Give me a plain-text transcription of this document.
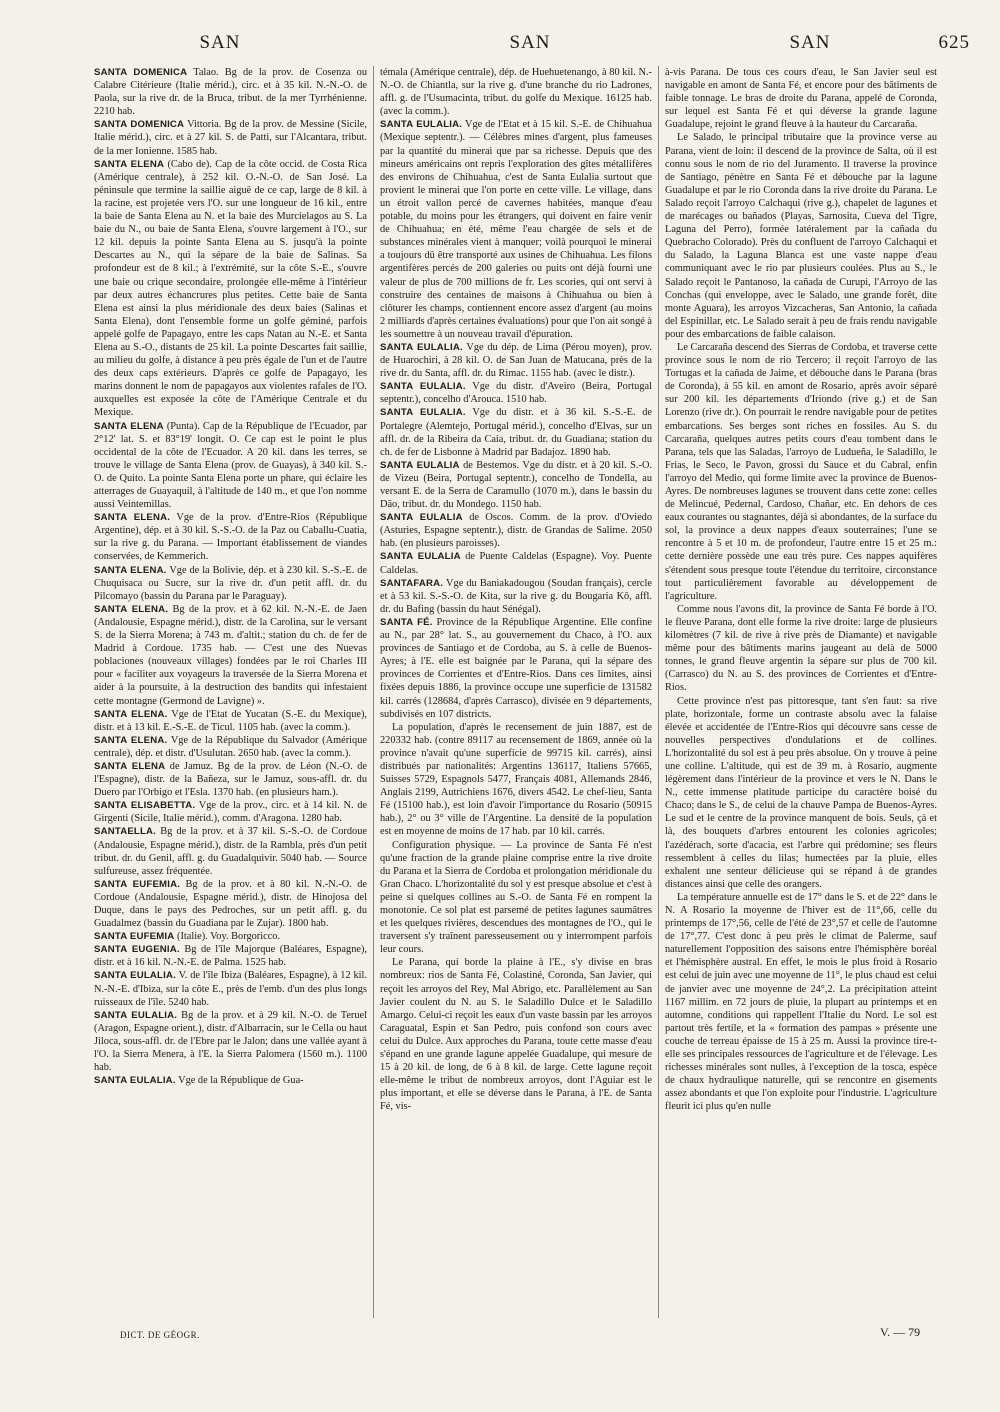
SAN	SAN	SAN	625

SANTA DOMENICA Talao. Bg de la prov. de Cosenza ou Calabre Citérieure (Italie mérid.), circ. et à 35 kil. N.-N.-O. de Paola, sur la rive dr. de la Bruca, tribut. de la mer Tyrrhénienne. 2210 hab.

SANTA DOMENICA Vittoria. Bg de la prov. de Messine (Sicile, Italie mérid.), circ. et à 27 kil. S. de Patti, sur l'Alcantara, tribut. de la mer Ionienne. 1585 hab.

SANTA ELENA (Cabo de). Cap de la côte occid. de Costa Rica (Amérique centrale), à 252 kil. O.-N.-O. de San José. La péninsule que termine la saillie aiguë de ce cap, large de 8 kil. à la racine, est projetée vers l'O. sur une longueur de 16 kil., entre la baie de Santa Elena au N. et la baie des Murcielagos au S. La baie du N., ou baie de Santa Elena, s'ouvre largement à l'O., sur 12 kil. depuis la pointe Santa Elena au S. jusqu'à la pointe Descartes au N., qui la sépare de la baie de Salinas. Sa profondeur est de 8 kil.; à l'extrémité, sur la côte S.-E., s'ouvre une baie ou crique secondaire, prolongée elle-même à l'intérieur par deux autres échancrures plus petites. Cette baie de Santa Elena est ainsi la plus méridionale des deux baies (Salinas et Santa Elena), dont l'ensemble forme un golfe géminé, parfois appelé golfe de Papagayo, entre les caps Natan au N.-E. et Santa Elena au S.-O., distants de 25 kil. La pointe Descartes fait saillie, au milieu du golfe, à distance à peu près égale de l'un et de l'autre des deux caps extérieurs. D'après ce golfe de Papagayo, les marins donnent le nom de papagayos aux violentes rafales de l'O. auxquelles est exposée la côte de l'Amérique Centrale et du Mexique.

SANTA ELENA (Punta). Cap de la République de l'Ecuador, par 2°12' lat. S. et 83°19' longit. O. Ce cap est le point le plus occidental de la côte de l'Ecuador. A 20 kil. dans les terres, se trouve le village de Santa Elena (prov. de Guayas), à 340 kil. S.-O. de Quito. La pointe Santa Elena porte un phare, qui éclaire les atterrages de Guayaquil, à l'altitude de 140 m., et que l'on nomme aussi Veintemillas.

SANTA ELENA. Vge de la prov. d'Entre-Rios (République Argentine), dép. et à 30 kil. S.-S.-O. de la Paz ou Caballu-Cuatia, sur la rive g. du Parana. — Important établissement de viandes conservées, de Kemmerich.

SANTA ELENA. Vge de la Bolivie, dép. et à 230 kil. S.-S.-E. de Chuquisaca ou Sucre, sur la rive dr. d'un petit affl. dr. du Pilcomayo (bassin du Parana par le Paraguay).

SANTA ELENA. Bg de la prov. et à 62 kil. N.-N.-E. de Jaen (Andalousie, Espagne mérid.), distr. de la Carolina, sur le versant S. de la Sierra Morena; à 743 m. d'altit.; station du ch. de fer de Madrid à Cordoue. 1735 hab. — C'est une des Nuevas poblaciones (nouveaux villages) fondées par le roi Charles III pour « faciliter aux voyageurs la traversée de la Sierra Morena et aider à la poursuite, à la destruction des bandits qui infestaient cette montagne (Germond de Lavigne) ».

SANTA ELENA. Vge de l'Etat de Yucatan (S.-E. du Mexique), distr. et à 13 kil. E.-S.-E. de Ticul. 1105 hab. (avec la comm.).

SANTA ELENA. Vge de la République du Salvador (Amérique centrale), dép. et distr. d'Usulutan. 2650 hab. (avec la comm.).

SANTA ELENA de Jamuz. Bg de la prov. de Léon (N.-O. de l'Espagne), distr. de la Bañeza, sur le Jamuz, sous-affl. dr. du Duero par l'Orbigo et l'Esla. 1370 hab. (en plusieurs ham.).

SANTA ELISABETTA. Vge de la prov., circ. et à 14 kil. N. de Girgenti (Sicile, Italie mérid.), comm. d'Aragona. 1280 hab.

SANTAELLA. Bg de la prov. et à 37 kil. S.-S.-O. de Cordoue (Andalousie, Espagne mérid.), distr. de la Rambla, près d'un petit tribut. dr. du Genil, affl. g. du Guadalquivir. 5040 hab. — Source sulfureuse, assez fréquentée.

SANTA EUFEMIA. Bg de la prov. et à 80 kil. N.-N.-O. de Cordoue (Andalousie, Espagne mérid.), distr. de Hinojosa del Duque, dans le pays des Pedroches, sur un petit affl. g. du Guadalmez (bassin du Guadiana par le Zujar). 1800 hab.

SANTA EUFEMIA (Italie). Voy. Borgoricco.

SANTA EUGENIA. Bg de l'île Majorque (Baléares, Espagne), distr. et à 16 kil. N.-N.-E. de Palma. 1525 hab.

SANTA EULALIA. V. de l'île Ibiza (Baléares, Espagne), à 12 kil. N.-N.-E. d'Ibiza, sur la côte E., près de l'emb. d'un des plus longs ruisseaux de l'île. 5240 hab.

SANTA EULALIA. Bg de la prov. et à 29 kil. N.-O. de Teruel (Aragon, Espagne orient.), distr. d'Albarracin, sur le Cella ou haut Jiloca, sous-affl. dr. de l'Ebre par le Jalon; dans une vallée ayant à l'O. la Sierra Menera, à l'E. la Sierra Palomera (1560 m.). 1100 hab.

SANTA EULALIA. Vge de la République de Gua-

témala (Amérique centrale), dép. de Huehuetenango, à 80 kil. N.-N.-O. de Chiantla, sur la rive g. d'une branche du rio Ladrones, affl. g. de l'Usumacinta, tribut. du golfe du Mexique. 16125 hab. (avec la comm.).

SANTA EULALIA. Vge de l'Etat et à 15 kil. S.-E. de Chihuahua (Mexique septentr.). — Célèbres mines d'argent, plus fameuses par la quantité du minerai que par sa richesse. Depuis que des mineurs américains ont repris l'exploration des gîtes métallifères des environs de Chihuahua, c'est de Santa Eulalia surtout que provient le minerai que l'on porte en cette ville. Le village, dans un étroit vallon percé de cavernes habitées, manque d'eau potable, du moins pour les étrangers, qui doivent en faire venir de Chihuahua; en été, même l'eau chargée de sels et de substances minérales vient à manquer; voilà pourquoi le minerai a toujours dû être transporté aux usines de Chihuahua. Les filons argentifères percés de 200 galeries ou puits ont déjà fourni une valeur de plus de 700 millions de fr. Les scories, qui ont servi à construire des centaines de maisons à Chihuahua ou bien à clôturer les champs, contiennent encore assez d'argent (au moins 2 milliards d'après certaines évaluations) pour que l'on ait songé à les soumettre à un nouveau travail d'épuration.

SANTA EULALIA. Vge du dép. de Lima (Pérou moyen), prov. de Huarochiri, à 28 kil. O. de San Juan de Matucana, près de la rive dr. du Santa, affl. dr. du Rimac. 1155 hab. (avec le distr.).

SANTA EULALIA. Vge du distr. d'Aveiro (Beira, Portugal septentr.), concelho d'Arouca. 1510 hab.

SANTA EULALIA. Vge du distr. et à 36 kil. S.-S.-E. de Portalegre (Alemtejo, Portugal mérid.), concelho d'Elvas, sur un affl. dr. de la Ribeira da Caia, tribut. dr. du Guadiana; station du ch. de fer de Lisbonne à Madrid par Badajoz. 1890 hab.

SANTA EULALIA de Bestemos. Vge du distr. et à 20 kil. S.-O. de Vizeu (Beira, Portugal septentr.), concelho de Tondella, au versant E. de la Serra de Caramullo (1070 m.), dans le bassin du Dão, tribut. dr. du Mondego. 1150 hab.

SANTA EULALIA de Oscos. Comm. de la prov. d'Oviedo (Asturies, Espagne septentr.), distr. de Grandas de Salime. 2050 hab. (en plusieurs paroisses).

SANTA EULALIA de Puente Caldelas (Espagne). Voy. Puente Caldelas.

SANTAFARA. Vge du Baniakadougou (Soudan français), cercle et à 53 kil. S.-S.-O. de Kita, sur la rive g. du Bougaria Kô, affl. dr. du Bafing (bassin du haut Sénégal).

SANTA FÉ. Province de la République Argentine. Elle confine au N., par 28° lat. S., au gouvernement du Chaco, à l'O. aux provinces de Santiago et de Cordoba, au S. à celle de Buenos-Ayres; à l'E. elle est baignée par le Parana, qui la sépare des provinces de Corrientes et d'Entre-Rios. Dans ces limites, ainsi fixées depuis 1886, la province occupe une superficie de 131582 kil. carrés (128684, d'après Carrasco), divisée en 9 départements, subdivisés en 107 districts.

La population, d'après le recensement de juin 1887, est de 220332 hab. (contre 89117 au recensement de 1869, année où la province n'avait qu'une superficie de 99715 kil. carrés), ainsi distribués par nationalités: Argentins 136117, Italiens 57665, Suisses 5729, Espagnols 5477, Français 4081, Allemands 2846, Anglais 2199, Autrichiens 1676, divers 4542. Le chef-lieu, Santa Fé (15100 hab.), est loin d'avoir l'importance du Rosario (50915 hab.), 2° ou 3° ville de l'Argentine. La densité de la population est en moyenne de moins de 17 hab. par 10 kil. carrés.

Configuration physique. — La province de Santa Fé n'est qu'une fraction de la grande plaine comprise entre la rive droite du Parana et la Sierra de Cordoba et prolongation méridionale du Gran Chaco. L'horizontalité du sol y est presque absolue et c'est à peine si quelques collines au S.-O. de Santa Fé en rompent la monotonie. Ce sol plat est parsemé de petites lagunes saumâtres et les quelques rivières, descendues des montagnes de l'O., qui le traversent s'y traînent paresseusement ou y interrompent parfois leur cours.

Le Parana, qui borde la plaine à l'E., s'y divise en bras nombreux: rios de Santa Fé, Colastiné, Coronda, San Javier, qui reçoit les arroyos del Rey, Mal Abrigo, etc. Parallèlement au San Javier coulent du N. au S. le Saladillo Dulce et le Saladillo Amargo. Celui-ci reçoit les eaux d'un vaste bassin par les arroyos Caraguatal, Espin et San Pedro, puis confond son cours avec celui du Dulce. Aux approches du Parana, toute cette masse d'eau s'épand en une grande lagune appelée Guadalupe, qui mesure de 15 à 20 kil. de long, de 6 à 8 kil. de large. Cette lagune reçoit elle-même le tribut de nombreux arroyos, dont l'Aguiar est le plus important, et elle se déverse dans le Parana, à l'E. de Santa Fé, vis-

à-vis Parana. De tous ces cours d'eau, le San Javier seul est navigable en amont de Santa Fé, et encore pour des bâtiments de faible tonnage. Le bras de droite du Parana, appelé de Coronda, sur lequel est Santa Fé et qui déverse la grande lagune Guadalupe, rejoint le grand fleuve à la hauteur du Carcaraña.

Le Salado, le principal tributaire que la province verse au Parana, vient de loin: il descend de la province de Salta, où il est connu sous le nom de rio del Juramento. Il traverse la province de Santiago, pénètre en Santa Fé et débouche par la lagune Guadalupe et par le rio Coronda dans la rive droite du Parana. Le Salado reçoit l'arroyo Calchaqui (rive g.), chapelet de lagunes et de marécages ou bañados (Playas, Sarnosita, Cueva del Tigre, Laguna del Perro), formée latéralement par la cañada du Quebracho Colorado). Près du confluent de l'arroyo Calchaqui et du Salado, la Laguna Blanca est une vaste nappe d'eau communiquant avec le rio par plusieurs coulées. Plus au S., le Salado reçoit le Pantanoso, la cañada de Curupi, l'Arroyo de las Conchas (qui enveloppe, avec le Salado, une grande forêt, dite monte Aguara), les arroyos Vizcacheras, San Antonio, la cañada del Espinillar, etc. Le Salado serait à peu de frais rendu navigable pour des embarcations de faible calaison.

Le Carcaraña descend des Sierras de Cordoba, et traverse cette province sous le nom de rio Tercero; il reçoit l'arroyo de las Tortugas et la cañada de Jaime, et débouche dans le Parana (bras de Coronda), à 55 kil. en amont de Rosario, après avoir séparé sur 200 kil. les départements d'Iriondo (rive g.) et de San Lorenzo (rive dr.). On pourrait le rendre navigable pour de petites embarcations. Ses berges sont riches en fossiles. Au S. du Carcaraña, quelques autres petits cours d'eau tombent dans le Parana, tels que las Saladas, l'arroyo de Ludueña, le Saladillo, le Frias, le Seco, le Pavon, grossi du Sauce et du Cabral, enfin l'arroyo del Medio, qui forme limite avec la province de Buenos-Ayres. De nombreuses lagunes se trouvent dans cette zone: celles de Melincué, Pedernal, Cardoso, Chañar, etc. En dehors de ces eaux courantes ou stagnantes, déjà si abondantes, de la surface du sol, la province a deux nappes d'eaux souterraines; l'une se rencontre à 5 et 10 m. de profondeur, l'autre entre 15 et 25 m.: cette dernière possède une eau très pure. Ces nappes aquifères s'étendent sous presque toute l'étendue du territoire, circonstance tout particulièrement favorable au développement de l'agriculture.

Comme nous l'avons dit, la province de Santa Fé borde à l'O. le fleuve Parana, dont elle forme la rive droite: large de plusieurs kilomètres (7 kil. de rive à rive près de Diamante) et navigable même pour des bâtiments marins jaugeant au delà de 5000 tonnes, le grand fleuve argentin la sépare sur plus de 700 kil. (Carrasco) du N. au S. des provinces de Corrientes et d'Entre-Rios.

Cette province n'est pas pittoresque, tant s'en faut: sa rive plate, horizontale, forme un contraste absolu avec la falaise élevée et accidentée de l'Entre-Rios qui découvre sans cesse de nouvelles perspectives d'ondulations et de collines. L'horizontalité du sol est à peu près absolue. On y trouve à peine une colline. L'altitude, qui est de 39 m. à Rosario, augmente légèrement dans l'intérieur de la province et vers le N. Dans le N., cette immense platitude participe du caractère boisé du Chaco; dans le S., de celui de la chauve Pampa de Buenos-Ayres. Le sud et le centre de la province manquent de bois. Seuls, çà et là, des bouquets d'arbres entourent les colonies agricoles; l'azédérach, sorte d'acacia, est l'arbre qui prédomine; ses fleurs ressemblent à celles du lilas; humectées par la pluie, elles exhalent une senteur délicieuse qui se répand à de grandes distances ainsi que celle des orangers.

La température annuelle est de 17° dans le S. et de 22° dans le N. A Rosario la moyenne de l'hiver est de 11°,66, celle du printemps de 17°,56, celle de l'été de 23°,57 et celle de l'automne de 17°,77. C'est donc à peu près le climat de Palerme, sauf naturellement l'opposition des saisons entre l'hémisphère boréal et l'hémisphère austral. En effet, le mois le plus froid à Rosario est celui de juin avec une moyenne de 11°, le plus chaud est celui de janvier avec une moyenne de 24°,2. La précipitation atteint 1167 millim. en 72 jours de pluie, la plupart au printemps et en automne, conditions qui rappellent l'Italie du Nord. Le sol est partout très fertile, et la « formation des pampas » présente une couche de terreau épaisse de 15 à 25 m. Aussi la province tire-t-elle ses principales ressources de l'agriculture et de l'élevage. Les richesses minérales sont nulles, à l'exception de la tosca, espèce de chaux hydraulique naturelle, qui se rencontre en gisements assez abondants et que l'on exploite pour l'industrie. L'agriculture fleurit ici plus qu'en nulle

DICT. DE GÉOGR.	V. — 79
